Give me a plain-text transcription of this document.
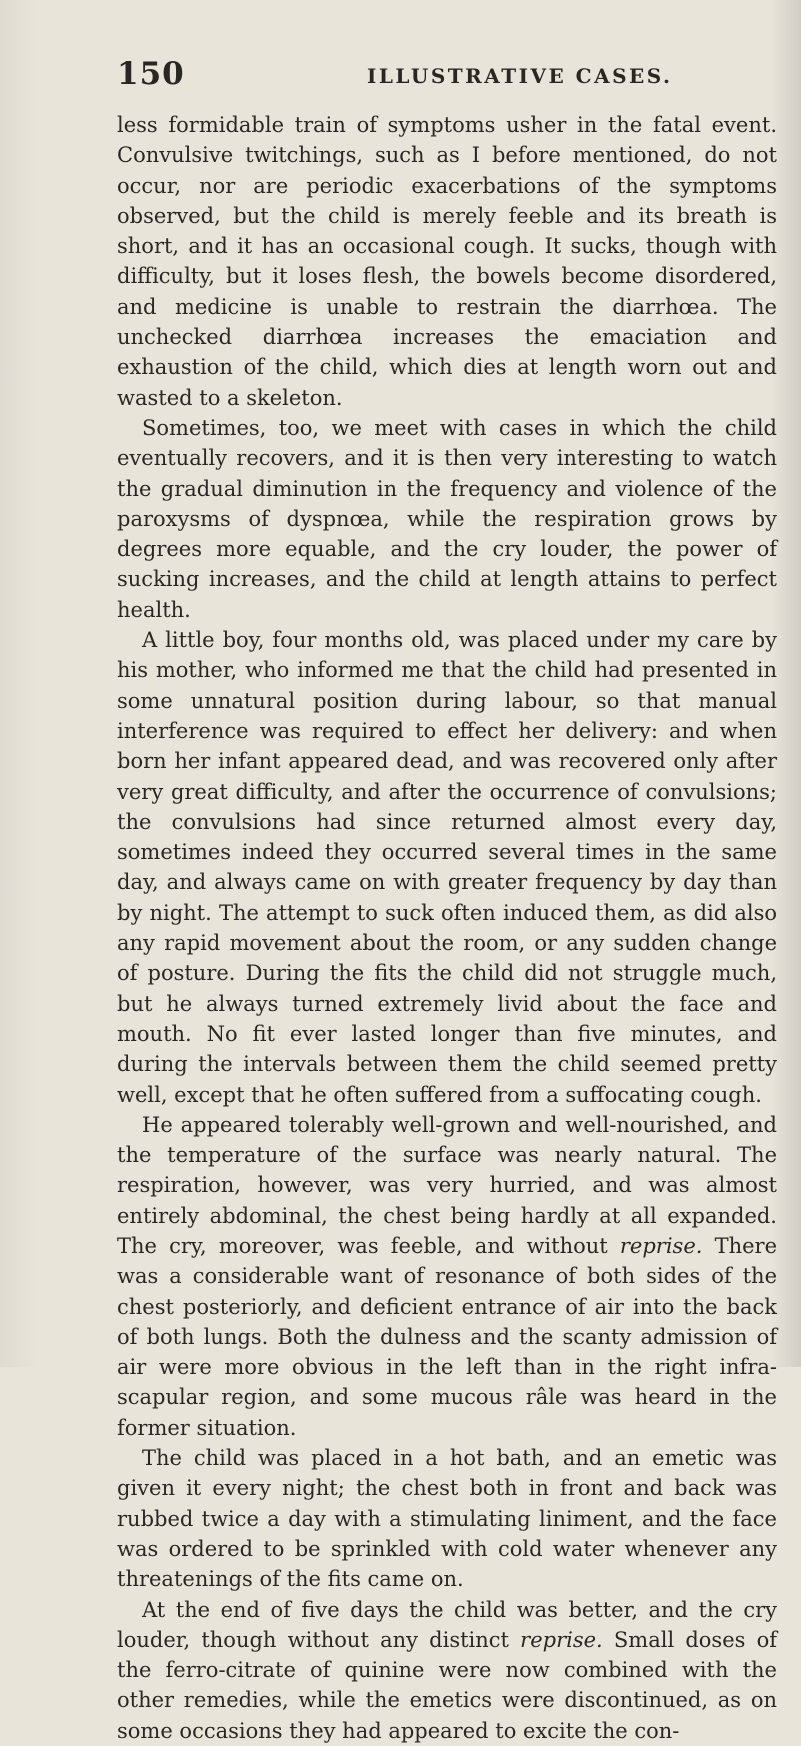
150	ILLUSTRATIVE CASES.

less formidable train of symptoms usher in the fatal event. Convulsive twitchings, such as I before mentioned, do not occur, nor are periodic exacerbations of the symptoms observed, but the child is merely feeble and its breath is short, and it has an occasional cough. It sucks, though with difficulty, but it loses flesh, the bowels become disordered, and medicine is unable to restrain the diarrhœa. The unchecked diarrhœa increases the emaciation and exhaustion of the child, which dies at length worn out and wasted to a skeleton.

Sometimes, too, we meet with cases in which the child eventually recovers, and it is then very interesting to watch the gradual diminution in the frequency and violence of the paroxysms of dyspnœa, while the respiration grows by degrees more equable, and the cry louder, the power of sucking increases, and the child at length attains to perfect health.

A little boy, four months old, was placed under my care by his mother, who informed me that the child had presented in some unnatural position during labour, so that manual interference was required to effect her delivery: and when born her infant appeared dead, and was recovered only after very great difficulty, and after the occurrence of convulsions; the convulsions had since returned almost every day, sometimes indeed they occurred several times in the same day, and always came on with greater frequency by day than by night. The attempt to suck often induced them, as did also any rapid movement about the room, or any sudden change of posture. During the fits the child did not struggle much, but he always turned extremely livid about the face and mouth. No fit ever lasted longer than five minutes, and during the intervals between them the child seemed pretty well, except that he often suffered from a suffocating cough.

He appeared tolerably well-grown and well-nourished, and the temperature of the surface was nearly natural. The respiration, however, was very hurried, and was almost entirely abdominal, the chest being hardly at all expanded. The cry, moreover, was feeble, and without reprise. There was a considerable want of resonance of both sides of the chest posteriorly, and deficient entrance of air into the back of both lungs. Both the dulness and the scanty admission of air were more obvious in the left than in the right infra-scapular region, and some mucous râle was heard in the former situation.

The child was placed in a hot bath, and an emetic was given it every night; the chest both in front and back was rubbed twice a day with a stimulating liniment, and the face was ordered to be sprinkled with cold water whenever any threatenings of the fits came on.

At the end of five days the child was better, and the cry louder, though without any distinct reprise. Small doses of the ferro-citrate of quinine were now combined with the other remedies, while the emetics were discontinued, as on some occasions they had appeared to excite the con-
